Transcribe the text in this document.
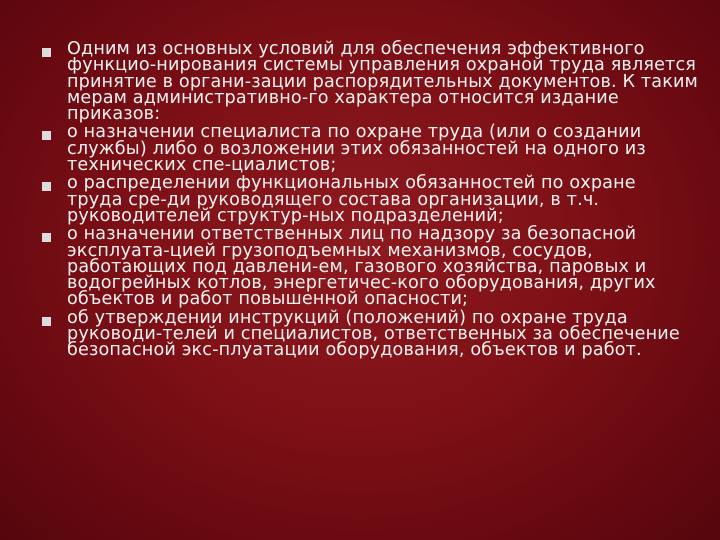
Одним из основных условий для обеспечения эффективного
функцио-нирования системы управления охраной труда является
принятие в органи-зации распорядительных документов. К таким
мерам административно-го характера относится издание
приказов:
о назначении специалиста по охране труда (или о создании
службы) либо о возложении этих обязанностей на одного из
технических спе-циалистов;
о распределении функциональных обязанностей по охране
труда сре-ди руководящего состава организации, в т.ч.
руководителей структур-ных подразделений;
о назначении ответственных лиц по надзору за безопасной
эксплуата-цией грузоподъемных механизмов, сосудов,
работающих под давлени-ем, газового хозяйства, паровых и
водогрейных котлов, энергетичес-кого оборудования, других
объектов и работ повышенной опасности;
об утверждении инструкций (положений) по охране труда
руководи-телей и специалистов, ответственных за обеспечение
безопасной экс-плуатации оборудования, объектов и работ.
